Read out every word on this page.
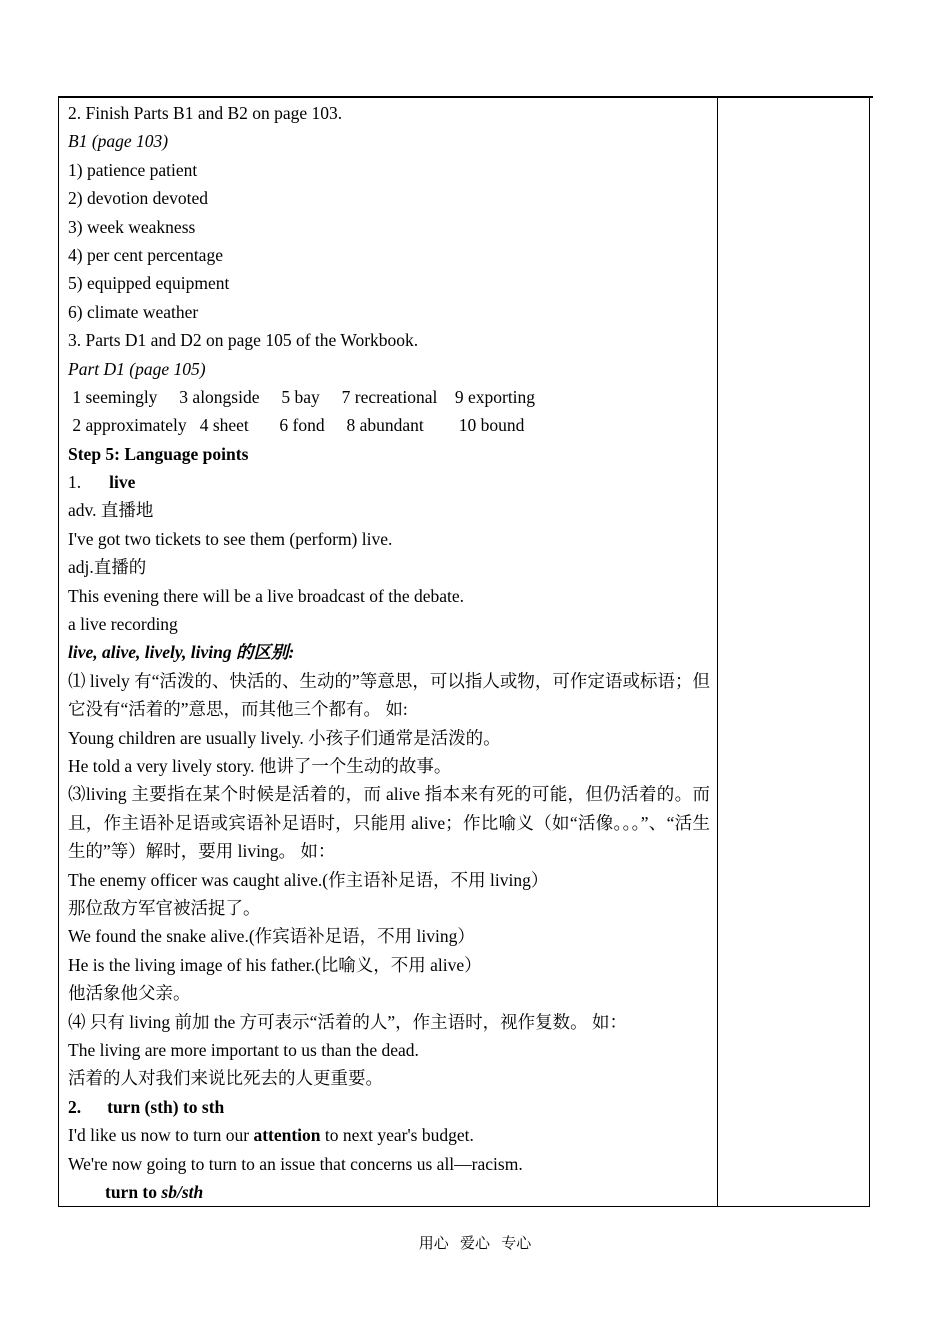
2. Finish Parts B1 and B2 on page 103.
B1 (page 103)
1) patience patient
2) devotion devoted
3) week weakness
4) per cent percentage
5) equipped equipment
6) climate weather
3. Parts D1 and D2 on page 105 of the Workbook.
Part D1 (page 105)
1 seemingly     3 alongside     5 bay     7 recreational    9 exporting
2 approximately   4 sheet       6 fond     8 abundant        10 bound
Step 5: Language points
1. live
adv. 直播地
I've got two tickets to see them (perform) live.
adj.直播的
This evening there will be a live broadcast of the debate.
a live recording
live, alive, lively, living 的区别:
⑴ lively 有“活泼的、快活的、生动的”等意思，可以指人或物，可作定语或标语；但它没有“活着的”意思，而其他三个都有。 如:
Young children are usually lively. 小孩子们通常是活泼的。
He told a very lively story. 他讲了一个生动的故事。
⑶living 主要指在某个时候是活着的，而 alive 指本来有死的可能，但仍活着的。而且，作主语补足语或宾语补足语时，只能用 alive；作比喻义（如“活像。。。”、“活生生的”等）解时，要用 living。 如：
The enemy officer was caught alive.(作主语补足语，不用 living）
那位敌方军官被活捉了。
We found the snake alive.(作宾语补足语，不用 living）
He is the living image of his father.(比喻义，不用 alive）
他活象他父亲。
⑷ 只有 living 前加 the 方可表示“活着的人”，作主语时，视作复数。 如：
The living are more important to us than the dead.
活着的人对我们来说比死去的人更重要。
2. turn (sth) to sth
I'd like us now to turn our attention to next year's budget.
We're now going to turn to an issue that concerns us all—racism.
turn to sb/sth
用心   爱心   专心
